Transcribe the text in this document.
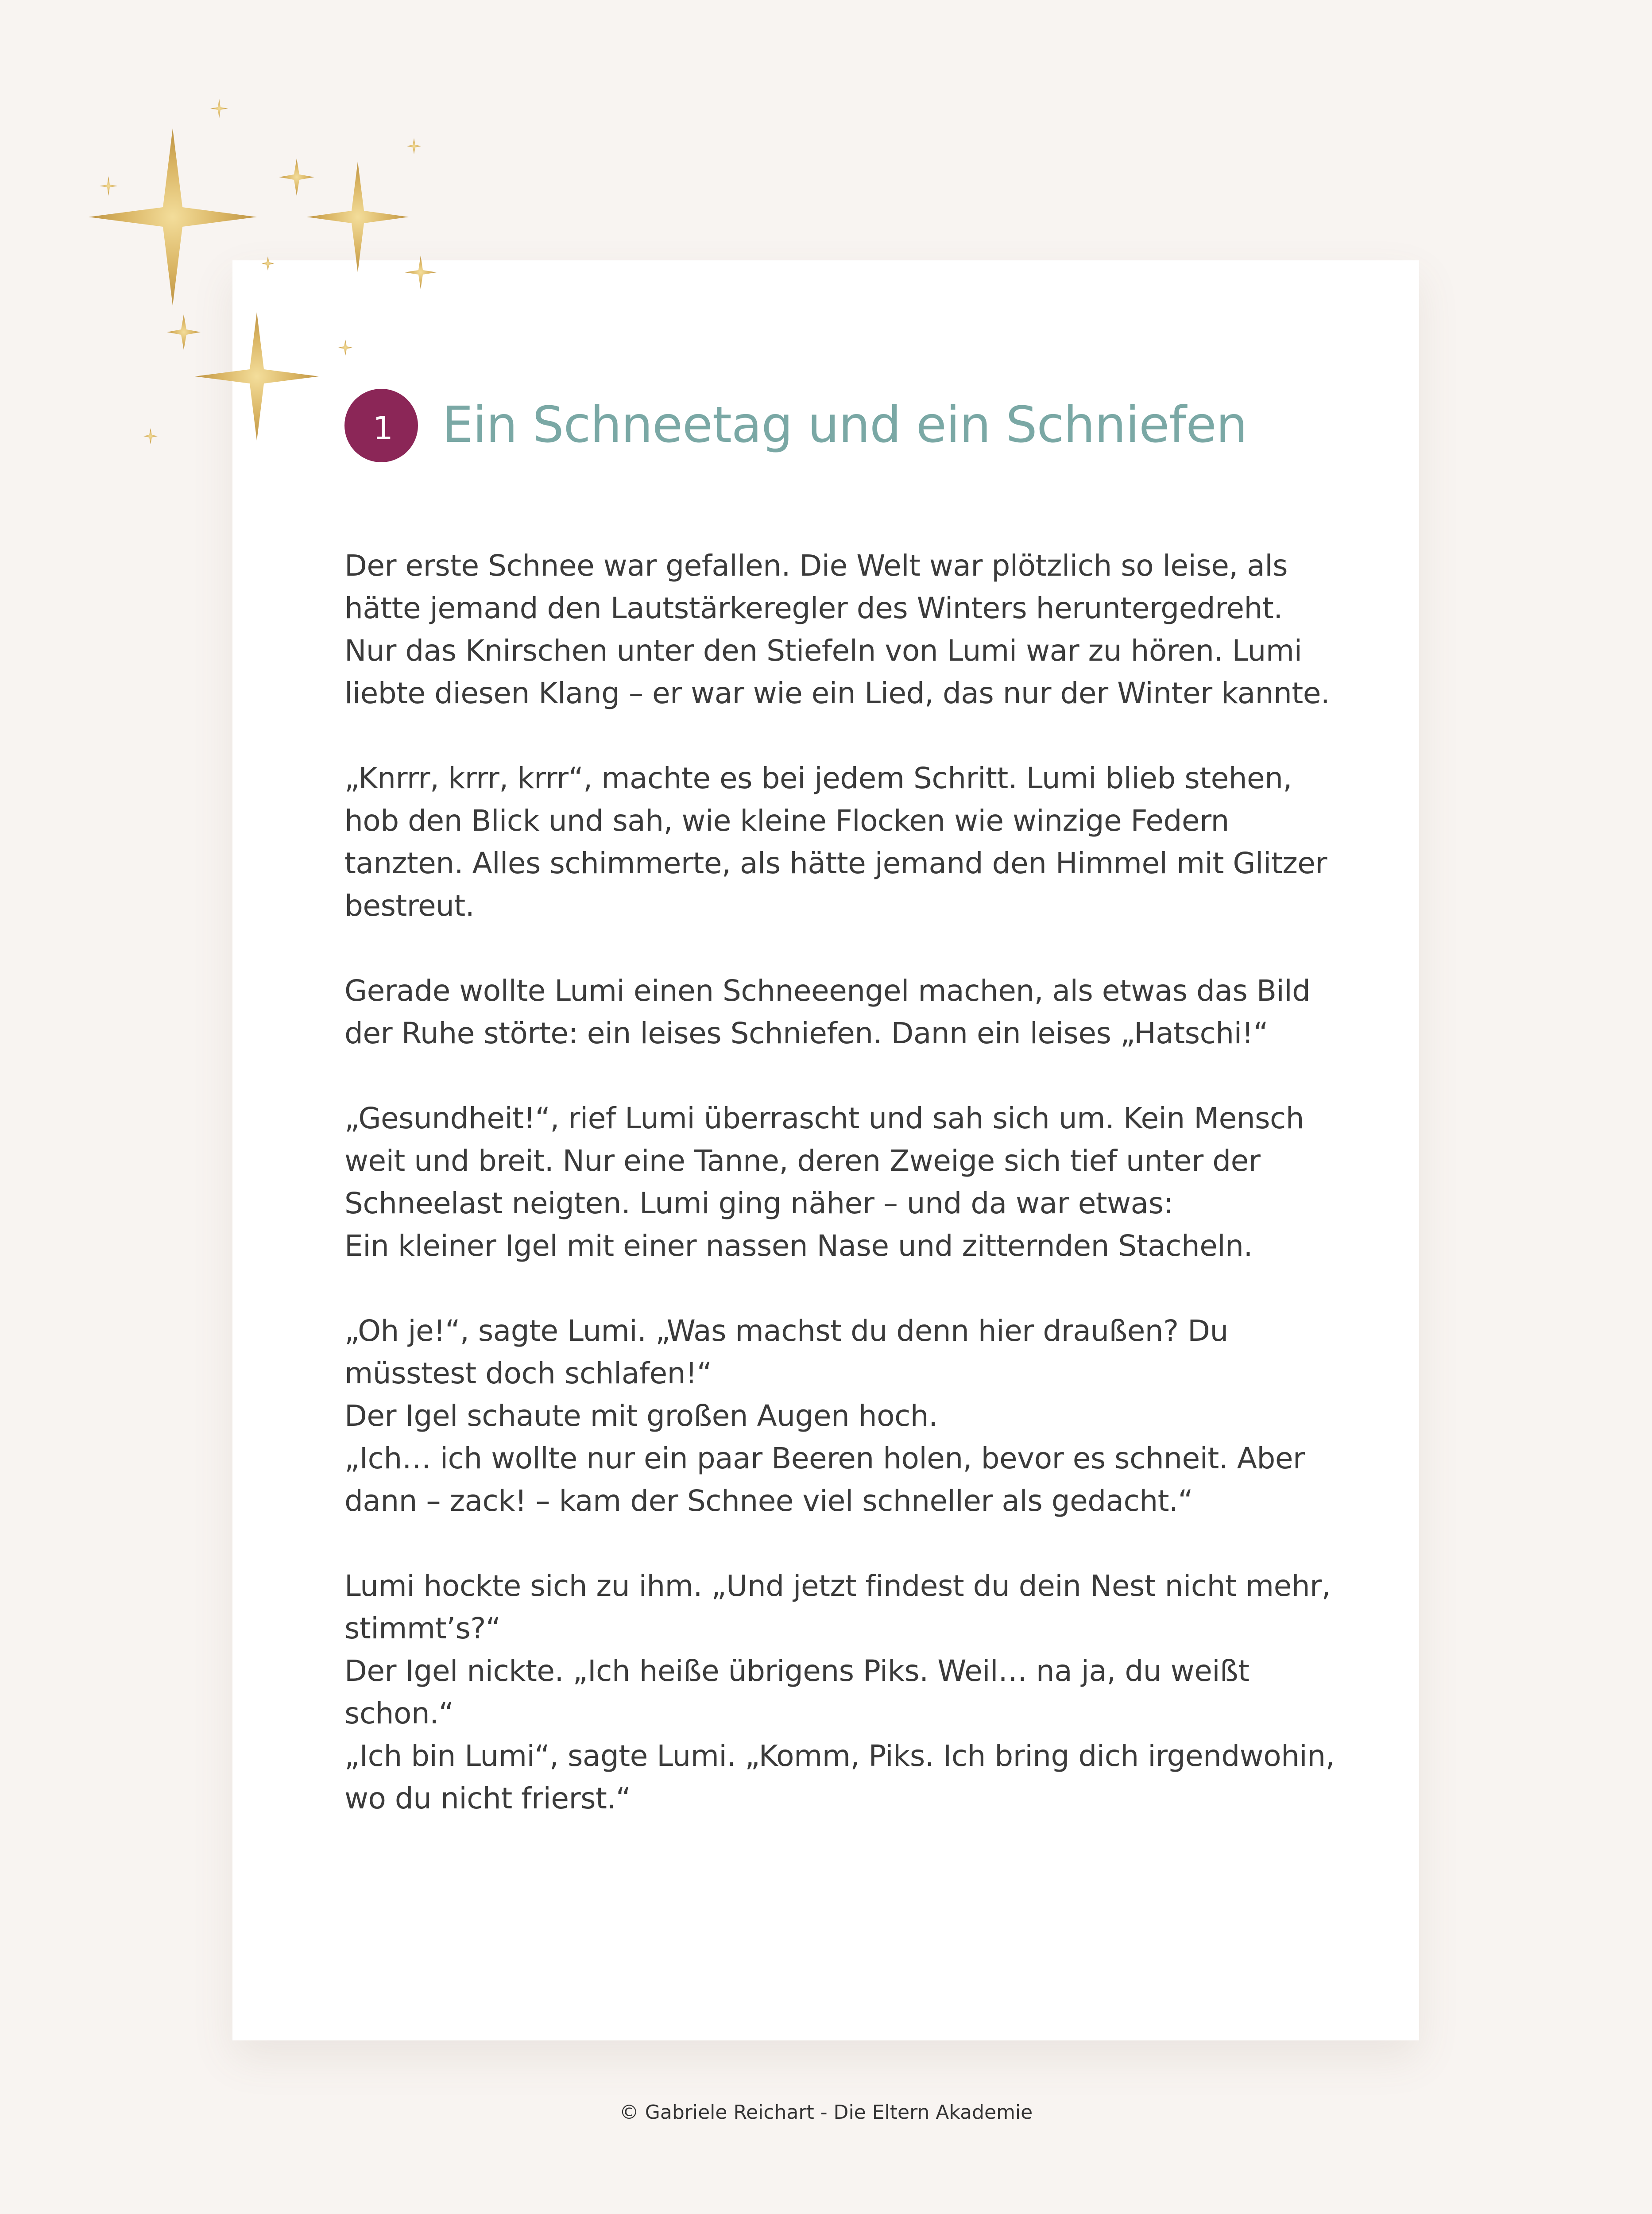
1 Ein Schneetag und ein Schniefen

Der erste Schnee war gefallen. Die Welt war plötzlich so leise, als
hätte jemand den Lautstärkeregler des Winters heruntergedreht.
Nur das Knirschen unter den Stiefeln von Lumi war zu hören. Lumi
liebte diesen Klang – er war wie ein Lied, das nur der Winter kannte.

„Knrrr, krrr, krrr“, machte es bei jedem Schritt. Lumi blieb stehen,
hob den Blick und sah, wie kleine Flocken wie winzige Federn
tanzten. Alles schimmerte, als hätte jemand den Himmel mit Glitzer
bestreut.

Gerade wollte Lumi einen Schneeengel machen, als etwas das Bild
der Ruhe störte: ein leises Schniefen. Dann ein leises „Hatschi!“

„Gesundheit!“, rief Lumi überrascht und sah sich um. Kein Mensch
weit und breit. Nur eine Tanne, deren Zweige sich tief unter der
Schneelast neigten. Lumi ging näher – und da war etwas:
Ein kleiner Igel mit einer nassen Nase und zitternden Stacheln.

„Oh je!“, sagte Lumi. „Was machst du denn hier draußen? Du
müsstest doch schlafen!“
Der Igel schaute mit großen Augen hoch.
„Ich… ich wollte nur ein paar Beeren holen, bevor es schneit. Aber
dann – zack! – kam der Schnee viel schneller als gedacht.“

Lumi hockte sich zu ihm. „Und jetzt findest du dein Nest nicht mehr,
stimmt’s?“
Der Igel nickte. „Ich heiße übrigens Piks. Weil… na ja, du weißt
schon.“
„Ich bin Lumi“, sagte Lumi. „Komm, Piks. Ich bring dich irgendwohin,
wo du nicht frierst.“

© Gabriele Reichart - Die Eltern Akademie
